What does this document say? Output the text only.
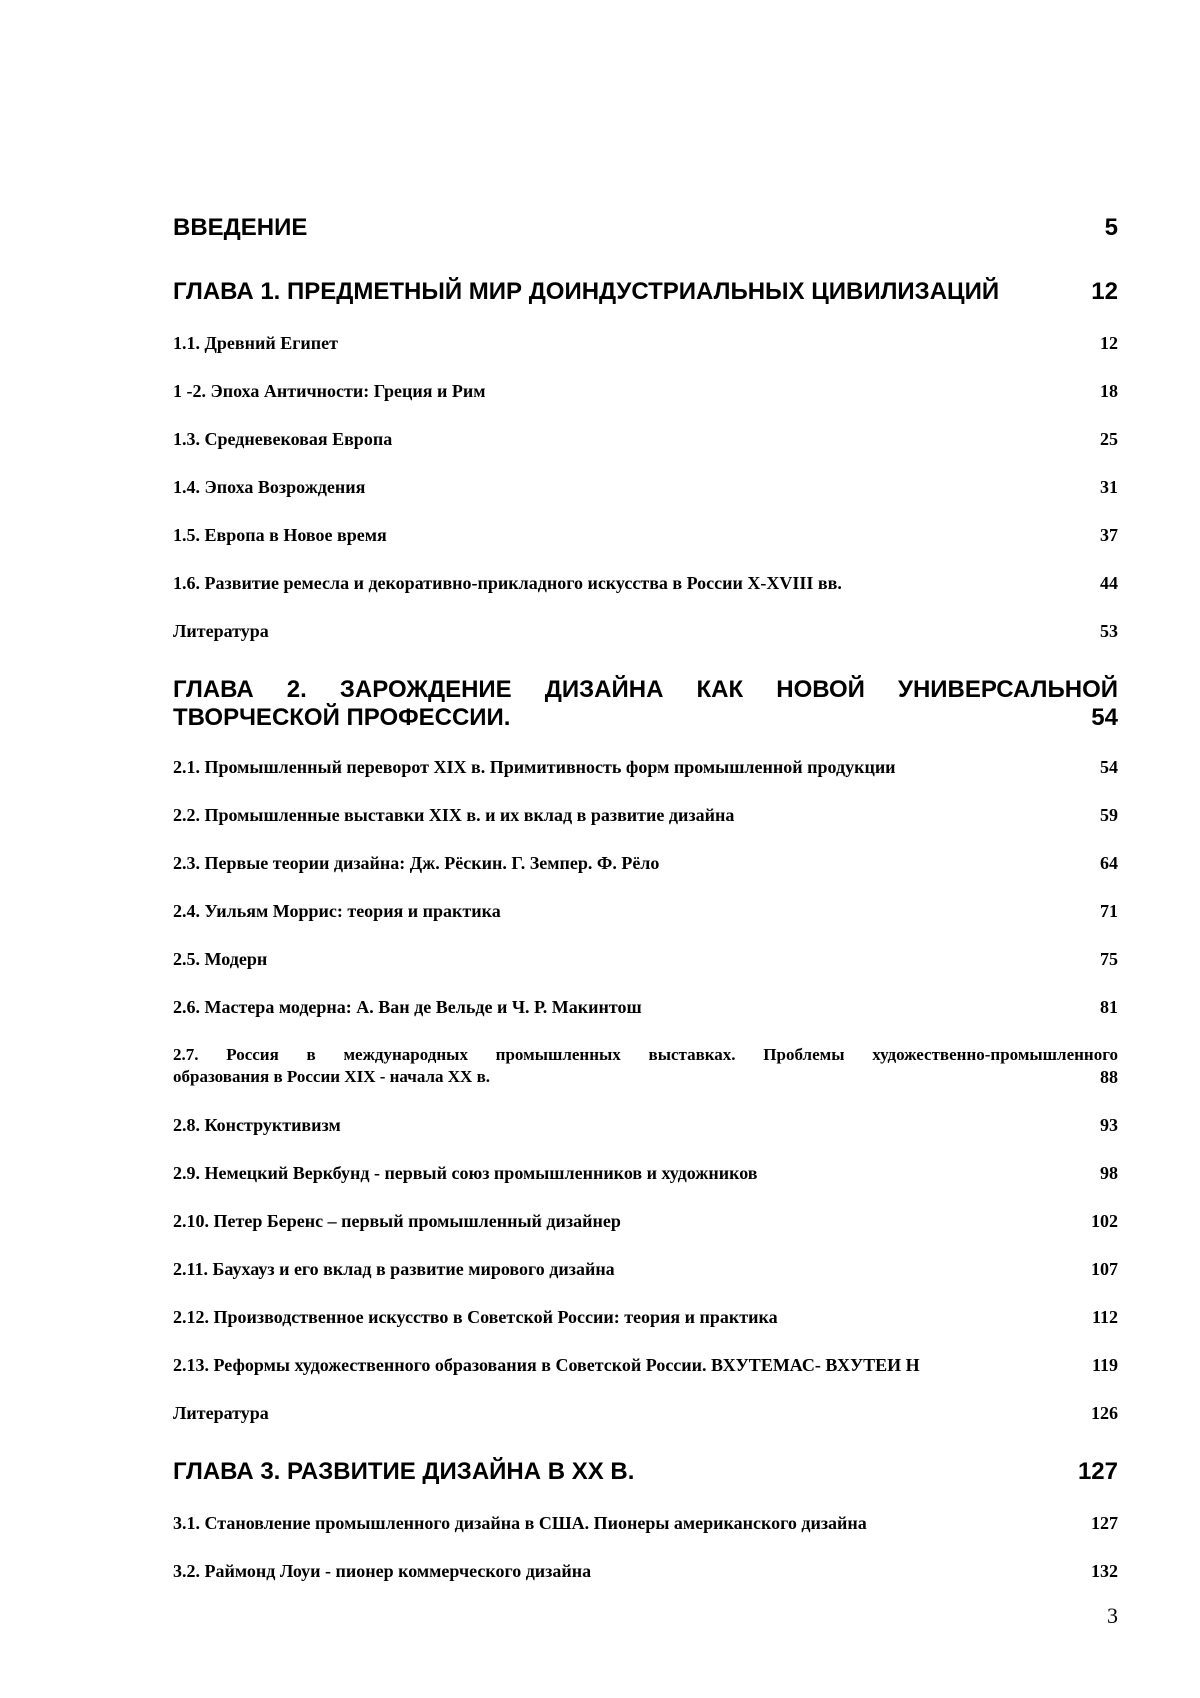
ВВЕДЕНИЕ	5
ГЛАВА 1. ПРЕДМЕТНЫЙ МИР ДОИНДУСТРИАЛЬНЫХ ЦИВИЛИЗАЦИЙ	12
1.1. Древний Египет	12
1 -2. Эпоха Античности: Греция и Рим	18
1.3. Средневековая Европа	25
1.4. Эпоха Возрождения	31
1.5. Европа в Новое время	37
1.6. Развитие ремесла и декоративно-прикладного искусства в России X-XVIII вв.	44
Литература	53
ГЛАВА 2. ЗАРОЖДЕНИЕ ДИЗАЙНА КАК НОВОЙ УНИВЕРСАЛЬНОЙ
ТВОРЧЕСКОЙ ПРОФЕССИИ.	54
2.1. Промышленный переворот XIX в. Примитивность форм промышленной продукции	54
2.2. Промышленные выставки XIX в. и их вклад в развитие дизайна	59
2.3. Первые теории дизайна: Дж. Рёскин. Г. Земпер. Ф. Рёло	64
2.4. Уильям Моррис: теория и практика	71
2.5. Модерн	75
2.6. Мастера модерна: А. Ван де Вельде и Ч. Р. Макинтош	81
2.7. Россия в международных промышленных выставках. Проблемы художественно-промышленного
образования в России XIX - начала XX в.	88
2.8. Конструктивизм	93
2.9. Немецкий Веркбунд - первый союз промышленников и художников	98
2.10. Петер Беренс – первый промышленный дизайнер	102
2.11. Баухауз и его вклад в развитие мирового дизайна	107
2.12. Производственное искусство в Советской России: теория и практика	112
2.13. Реформы художественного образования в Советской России. ВХУТЕМАС- ВХУТЕИ Н	119
Литература	126
ГЛАВА 3. РАЗВИТИЕ ДИЗАЙНА В XX В.	127
3.1. Становление промышленного дизайна в США. Пионеры американского дизайна	127
3.2. Раймонд Лоуи - пионер коммерческого дизайна	132
3
